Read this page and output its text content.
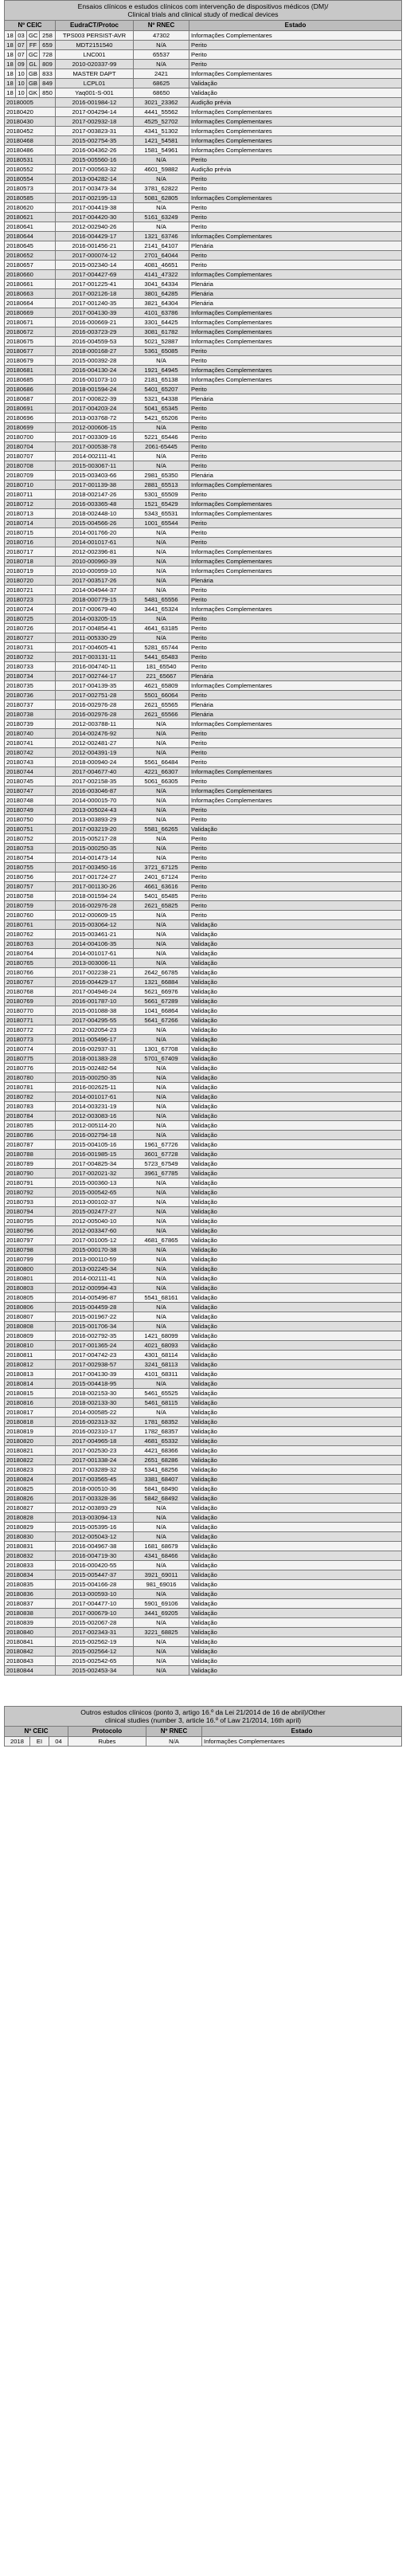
Ensaios clínicos e estudos clínicos com intervenção de dispositivos médicos (DM)/
Clinical trials and clinical study of medical devices						
Nº CEIC				EudraCT/Protoc	Nº RNEC	Estado
18	03	GC	258	TPS003 PERSIST-AVR	47302	Informações Complementares
18	07	FF	659	MDT2151540	N/A	Perito
18	07	GC	728	LNC001	65537	Perito
18	09	GL	809	2010-020337-99	N/A	Perito
18	10	GB	833	MASTER DAPT	2421	Informações Complementares
18	10	GB	849	LCPL01	68625	Validação
18	10	GK	850	Yaq001-S-001	68650	Validação
20180005				2016-001984-12	3021_23362	Audição prévia
20180420				2017-004294-14	4441_55562	Informações Complementares
20180430				2017-002932-18	4525_52702	Informações Complementares
20180452				2017-003823-31	4341_51302	Informações Complementares
20180468				2015-002754-35	1421_54581	Informações Complementares
20180486				2016-004362-26	1581_54961	Informações Complementares
20180531				2015-005560-16	N/A	Perito
20180552				2017-000563-32	4601_59882	Audição prévia
20180554				2013-004282-14	N/A	Perito
20180573				2017-003473-34	3781_62822	Perito
20180585				2017-002195-13	5081_62805	Informações Complementares
20180620				2017-004419-38	N/A	Perito
20180621				2017-004420-30	5161_63249	Perito
20180641				2012-002940-26	N/A	Perito
20180644				2016-004429-17	1321_63746	Informações Complementares
20180645				2016-001456-21	2141_64107	Plenária
20180652				2017-000074-12	2701_64044	Perito
20180657				2015-002340-14	4081_46651	Perito
20180660				2017-004427-69	4141_47322	Informações Complementares
20180661				2017-001225-41	3041_64334	Plenária
20180663				2017-002126-18	3801_64285	Plenária
20180664				2017-001240-35	3821_64304	Plenária
20180669				2017-004130-39	4101_63786	Informações Complementares
20180671				2016-000669-21	3301_64425	Informações Complementares
20180672				2016-003723-29	3081_61782	Informações Complementares
20180675				2016-004559-53	5021_52887	Informações Complementares
20180677				2018-000168-27	5361_65085	Perito
20180679				2015-000392-28	N/A	Perito
20180681				2016-004130-24	1921_64945	Informações Complementares
20180685				2016-001073-10	2181_65138	Informações Complementares
20180686				2018-001594-24	5401_65207	Perito
20180687				2017-000822-39	5321_64338	Plenária
20180691				2017-004203-24	5041_65345	Perito
20180696				2013-003768-72	5421_65206	Perito
20180699				2012-000606-15	N/A	Perito
20180700				2017-003309-16	5221_65446	Perito
20180704				2017-000538-78	2061-65445	Perito
20180707				2014-002111-41	N/A	Perito
20180708				2015-003067-11	N/A	Perito
20180709				2015-003403-66	2981_65350	Plenária
20180710				2017-001139-38	2881_65513	Informações Complementares
20180711				2018-002147-26	5301_65509	Perito
20180712				2016-003365-48	1521_65429	Informações Complementares
20180713				2018-002448-10	5343_65531	Informações Complementares
20180714				2015-004566-26	1001_65544	Perito
20180715				2014-001766-20	N/A	Perito
20180716				2014-001017-61	N/A	Perito
20180717				2012-002396-81	N/A	Informações Complementares
20180718				2010-000960-39	N/A	Informações Complementares
20180719				2010-000959-10	N/A	Informações Complementares
20180720				2017-003517-26	N/A	Plenária
20180721				2014-004944-37	N/A	Perito
20180723				2018-000779-15	5481_65556	Perito
20180724				2017-000679-40	3441_65324	Informações Complementares
20180725				2014-003205-15	N/A	Perito
20180726				2017-004854-41	4641_63185	Perito
20180727				2011-005330-29	N/A	Perito
20180731				2017-004605-41	5281_65744	Perito
20180732				2017-003131-11	5441_65483	Perito
20180733				2016-004740-11	181_65540	Perito
20180734				2017-002744-17	221_65667	Plenária
20180735				2017-004139-35	4621_65809	Informações Complementares
20180736				2017-002751-28	5501_66064	Perito
20180737				2016-002976-28	2621_65565	Plenária
20180738				2016-002976-28	2621_65566	Plenária
20180739				2012-003788-11	N/A	Informações Complementares
20180740				2014-002476-92	N/A	Perito
20180741				2012-002481-27	N/A	Perito
20180742				2012-004391-19	N/A	Perito
20180743				2018-000940-24	5561_66484	Perito
20180744				2017-004677-40	4221_66307	Informações Complementares
20180745				2017-002158-35	5061_66305	Perito
20180747				2016-003046-87	N/A	Informações Complementares
20180748				2014-000015-70	N/A	Informações Complementares
20180749				2013-005024-43	N/A	Perito
20180750				2013-003893-29	N/A	Perito
20180751				2017-003219-20	5581_66265	Validação
20180752				2015-005217-28	N/A	Perito
20180753				2015-000250-35	N/A	Perito
20180754				2014-001473-14	N/A	Perito
20180755				2017-003450-16	3721_67125	Perito
20180756				2017-001724-27	2401_67124	Perito
20180757				2017-001130-26	4661_63616	Perito
20180758				2018-001594-24	5401_65485	Perito
20180759				2016-002976-28	2621_65825	Perito
20180760				2012-000609-15	N/A	Perito
20180761				2015-003064-12	N/A	Validação
20180762				2015-003461-21	N/A	Validação
20180763				2014-004106-35	N/A	Validação
20180764				2014-001017-61	N/A	Validação
20180765				2013-003006-11	N/A	Validação
20180766				2017-002238-21	2642_66785	Validação
20180767				2016-004429-17	1321_66884	Validação
20180768				2017-004946-24	5621_66976	Validação
20180769				2016-001787-10	5661_67289	Validação
20180770				2015-001088-38	1041_66864	Validação
20180771				2017-004295-55	5641_67266	Validação
20180772				2012-002054-23	N/A	Validação
20180773				2011-005496-17	N/A	Validação
20180774				2016-002937-31	1301_67708	Validação
20180775				2018-001383-28	5701_67409	Validação
20180776				2015-002482-54	N/A	Validação
20180780				2015-000250-35	N/A	Validação
20180781				2016-002625-11	N/A	Validação
20180782				2014-001017-61	N/A	Validação
20180783				2014-003231-19	N/A	Validação
20180784				2012-003083-16	N/A	Validação
20180785				2012-005114-20	N/A	Validação
20180786				2016-002794-18	N/A	Validação
20180787				2015-004105-16	1961_67726	Validação
20180788				2016-001985-15	3601_67728	Validação
20180789				2017-004825-34	5723_67549	Validação
20180790				2017-002021-32	3961_67785	Validação
20180791				2015-000360-13	N/A	Validação
20180792				2015-000542-65	N/A	Validação
20180793				2013-000102-37	N/A	Validação
20180794				2015-002477-27	N/A	Validação
20180795				2012-005040-10	N/A	Validação
20180796				2012-003347-60	N/A	Validação
20180797				2017-001005-12	4681_67865	Validação
20180798				2015-000170-38	N/A	Validação
20180799				2013-000110-59	N/A	Validação
20180800				2013-002245-34	N/A	Validação
20180801				2014-002111-41	N/A	Validação
20180803				2012-000994-43	N/A	Validação
20180805				2014-005496-87	5541_68161	Validação
20180806				2015-004459-28	N/A	Validação
20180807				2015-001967-22	N/A	Validação
20180808				2015-001706-34	N/A	Validação
20180809				2016-002792-35	1421_68099	Validação
20180810				2017-001365-24	4021_68093	Validação
20180811				2017-004742-23	4301_68114	Validação
20180812				2017-002938-57	3241_68113	Validação
20180813				2017-004130-39	4101_68311	Validação
20180814				2015-004418-95	N/A	Validação
20180815				2018-002153-30	5461_65525	Validação
20180816				2018-002133-30	5461_68115	Validação
20180817				2014-000585-22	N/A	Validação
20180818				2016-002313-32	1781_68352	Validação
20180819				2016-002310-17	1782_68357	Validação
20180820				2017-004965-18	4681_65332	Validação
20180821				2017-002530-23	4421_68366	Validação
20180822				2017-001338-24	2651_68286	Validação
20180823				2017-003289-32	5341_68256	Validação
20180824				2017-003565-45	3381_68407	Validação
20180825				2018-000510-36	5841_68490	Validação
20180826				2017-003328-36	5842_68492	Validação
20180827				2012-003893-29	N/A	Validação
20180828				2013-003094-13	N/A	Validação
20180829				2015-005395-16	N/A	Validação
20180830				2012-005043-12	N/A	Validação
20180831				2016-004967-38	1681_68679	Validação
20180832				2016-004719-30	4341_68466	Validação
20180833				2016-000420-55	N/A	Validação
20180834				2015-005447-37	3921_69011	Validação
20180835				2015-004166-28	981_69016	Validação
20180836				2013-000593-10	N/A	Validação
20180837				2017-004477-10	5901_69106	Validação
20180838				2017-000679-10	3441_69205	Validação
20180839				2015-002067-28	N/A	Validação
20180840				2017-002343-31	3221_68825	Validação
20180841				2015-002562-19	N/A	Validação
20180842				2015-002564-12	N/A	Validação
20180843				2015-002542-65	N/A	Validação
20180844				2015-002453-34	N/A	Validação
Outros estudos clínicos (ponto 3, artigo 16.º da Lei 21/2014 de 16 de abril)/Other
clinical studies (number 3, article 16.º of Law 21/2014, 16th april)					
Nº CEIC			Protocolo	Nº RNEC	Estado
2018	EI	04	Rubes	N/A	Informações Complementares
